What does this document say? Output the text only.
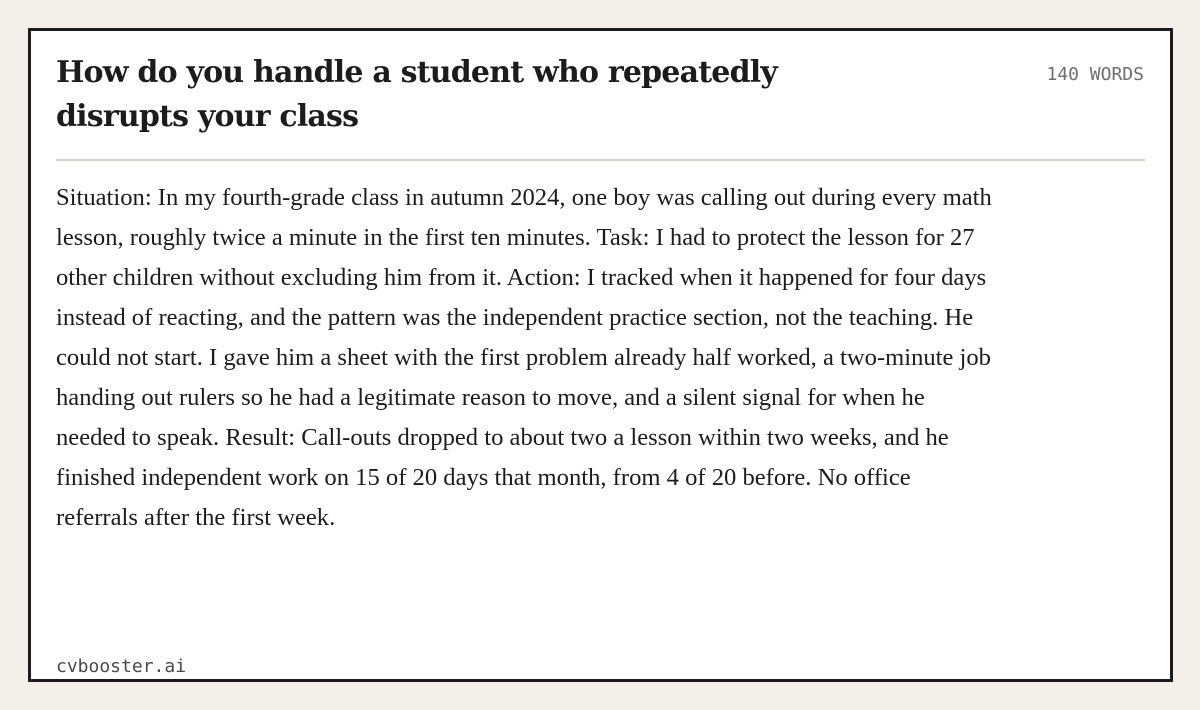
How do you handle a student who repeatedly disrupts your class
140 WORDS

Situation: In my fourth-grade class in autumn 2024, one boy was calling out during every math lesson, roughly twice a minute in the first ten minutes. Task: I had to protect the lesson for 27 other children without excluding him from it. Action: I tracked when it happened for four days instead of reacting, and the pattern was the independent practice section, not the teaching. He could not start. I gave him a sheet with the first problem already half worked, a two-minute job handing out rulers so he had a legitimate reason to move, and a silent signal for when he needed to speak. Result: Call-outs dropped to about two a lesson within two weeks, and he finished independent work on 15 of 20 days that month, from 4 of 20 before. No office referrals after the first week.

cvbooster.ai
